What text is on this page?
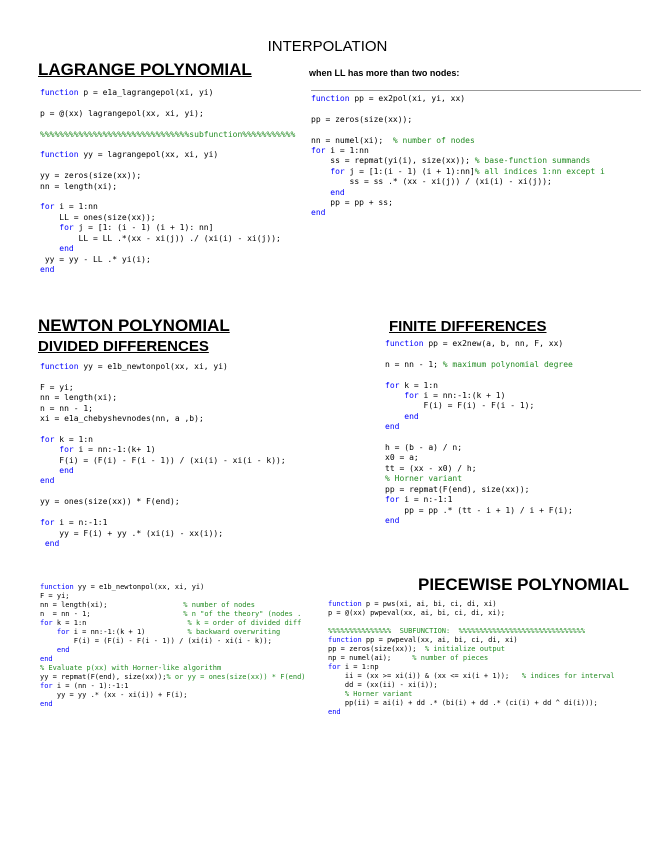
INTERPOLATION
LAGRANGE POLYNOMIAL	when LL has more than two nodes:
function p = e1a_lagrangepol(xi, yi)

p = @(xx) lagrangepol(xx, xi, yi);

%%%%%%%%%%%%%%%%%%%%%%%%%%%%%%%subfunction%%%%%%%%%%%

function yy = lagrangepol(xx, xi, yi)

yy = zeros(size(xx));
nn = length(xi);

for i = 1:nn
LL = ones(size(xx));
for j = [1: (i - 1) (i + 1): nn]
LL = LL .*(xx - xi(j)) ./ (xi(i) - xi(j));
end
yy = yy - LL .* yi(i);
end
function pp = ex2pol(xi, yi, xx)

pp = zeros(size(xx));

nn = numel(xi);  % number of nodes
for i = 1:nn
ss = repmat(yi(i), size(xx)); % base-function summands
for j = [1:(i - 1) (i + 1):nn]% all indices 1:nn except i
ss = ss .* (xx - xi(j)) / (xi(i) - xi(j));
end
pp = pp + ss;
end
NEWTON POLYNOMIAL
DIVIDED DIFFERENCES
FINITE DIFFERENCES
function pp = ex2new(a, b, nn, F, xx)

n = nn - 1; % maximum polynomial degree

for k = 1:n
for i = nn:-1:(k + 1)
F(i) = F(i) - F(i - 1);
end
end

h = (b - a) / n;
x0 = a;
tt = (xx - x0) / h;
% Horner variant
pp = repmat(F(end), size(xx));
for i = n:-1:1
pp = pp .* (tt - i + 1) / i + F(i);
end
function yy = e1b_newtonpol(xx, xi, yi)

F = yi;
nn = length(xi);
n = nn - 1;
xi = e1a_chebyshevnodes(nn, a ,b);

for k = 1:n
for i = nn:-1:(k+ 1)
F(i) = (F(i) - F(i - 1)) / (xi(i) - xi(i - k));
end
end

yy = ones(size(xx)) * F(end);

for i = n:-1:1
yy = F(i) + yy .* (xi(i) - xx(i));
end
function yy = e1b_newtonpol(xx, xi, yi)
F = yi;
nn = length(xi);	% number of nodes
n  = nn - 1;	% n "of the theory" (nodes .
for k = 1:n                        % k = order of divided diff
for i = nn:-1:(k + 1)          % backward overwriting
F(i) = (F(i) - F(i - 1)) / (xi(i) - xi(i - k));
end
end
% Evaluate p(xx) with Horner-like algorithm
yy = repmat(F(end), size(xx));% or yy = ones(size(xx)) * F(end)
for i = (nn - 1):-1:1
yy = yy .* (xx - xi(i)) + F(i);
end
PIECEWISE POLYNOMIAL
function p = pws(xi, ai, bi, ci, di, xi)
p = @(xx) pwpeval(xx, ai, bi, ci, di, xi);

%%%%%%%%%%%%%%%  SUBFUNCTION:  %%%%%%%%%%%%%%%%%%%%%%%%%%%%%%
function pp = pwpeval(xx, ai, bi, ci, di, xi)
pp = zeros(size(xx));  % initialize output
np = numel(ai);	% number of pieces
for i = 1:np
ii = (xx >= xi(i)) & (xx <= xi(i + 1));   % indices for interval
dd = (xx(ii) - xi(i));
% Horner variant
pp(ii) = ai(i) + dd .* (bi(i) + dd .* (ci(i) + dd ^ di(i)));
end
